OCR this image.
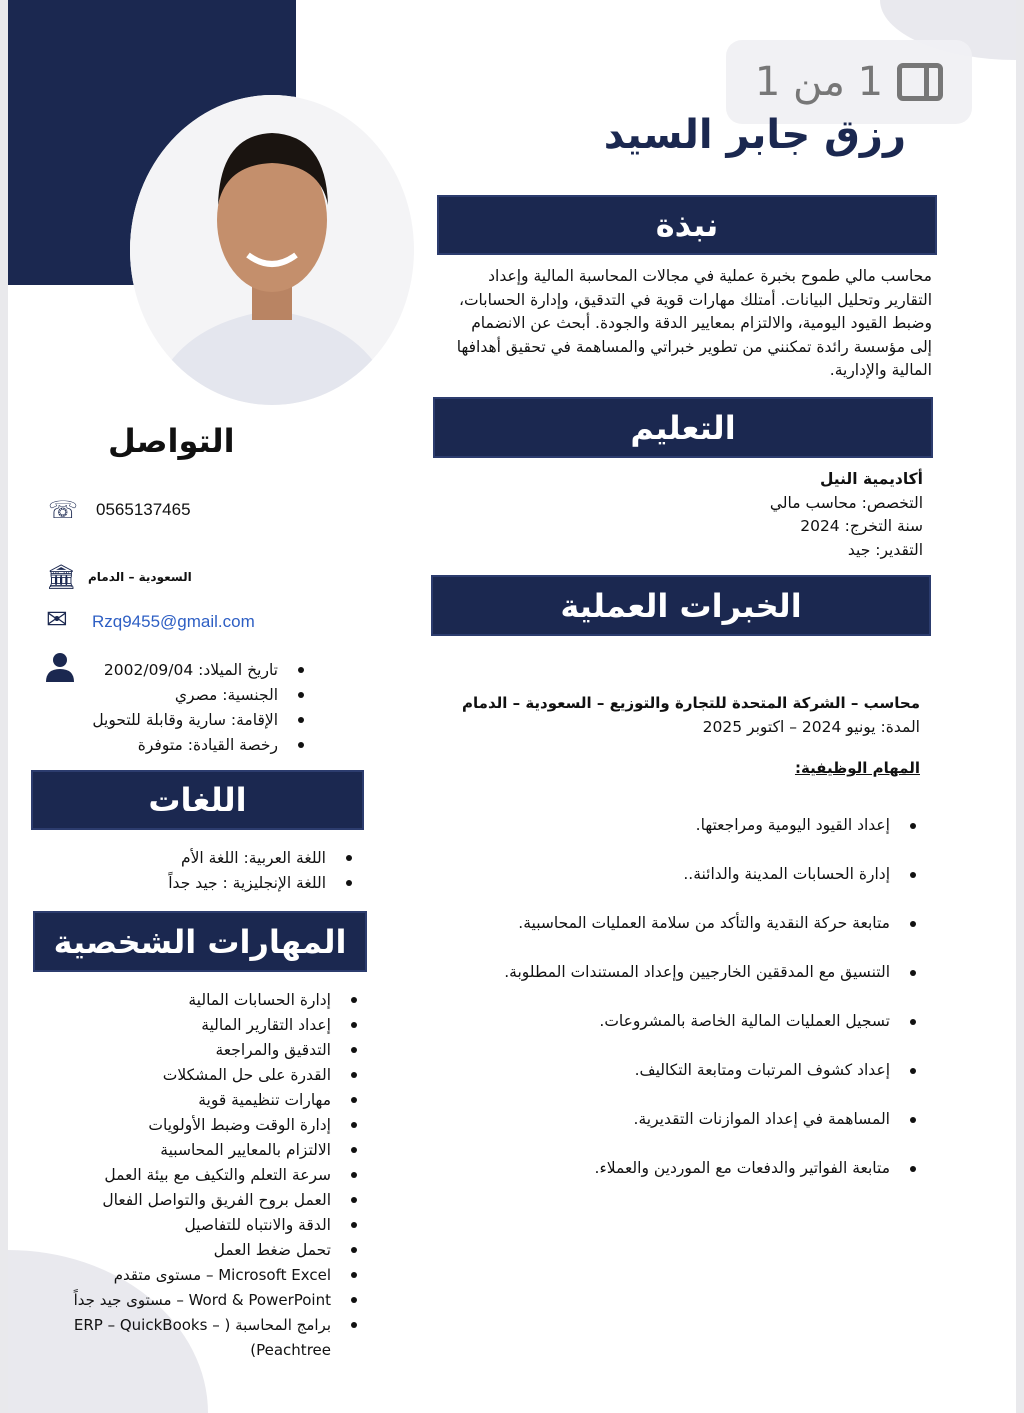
1 من 1
رزق جابر السيد
نبذة
محاسب مالي طموح بخبرة عملية في مجالات المحاسبة المالية وإعداد التقارير وتحليل البيانات. أمتلك مهارات قوية في التدقيق، وإدارة الحسابات، وضبط القيود اليومية، والالتزام بمعايير الدقة والجودة. أبحث عن الانضمام إلى مؤسسة رائدة تمكنني من تطوير خبراتي والمساهمة في تحقيق أهدافها المالية والإدارية.
التعليم
أكاديمية النيل
التخصص: محاسب مالي
سنة التخرج: 2024
التقدير: جيد
الخبرات العملية
محاسب – الشركة المتحدة للتجارة والتوزيع – السعودية – الدمام
المدة: يونيو 2024 – اكتوبر 2025
المهام الوظيفية:
إعداد القيود اليومية ومراجعتها.
إدارة الحسابات المدينة والدائنة..
متابعة حركة النقدية والتأكد من سلامة العمليات المحاسبية.
التنسيق مع المدققين الخارجيين وإعداد المستندات المطلوبة.
تسجيل العمليات المالية الخاصة بالمشروعات.
إعداد كشوف المرتبات ومتابعة التكاليف.
المساهمة في إعداد الموازنات التقديرية.
متابعة الفواتير والدفعات مع الموردين والعملاء.
التواصل
☏ 0565137465
🏛 السعودية – الدمام
✉ Rzq9455@gmail.com
تاريخ الميلاد: 2002/09/04
الجنسية: مصري
الإقامة: سارية وقابلة للتحويل
رخصة القيادة: متوفرة
اللغات
اللغة العربية: اللغة الأم
اللغة الإنجليزية : جيد جداً
المهارات الشخصية
إدارة الحسابات المالية
إعداد التقارير المالية
التدقيق والمراجعة
القدرة على حل المشكلات
مهارات تنظيمية قوية
إدارة الوقت وضبط الأولويات
الالتزام بالمعايير المحاسبية
سرعة التعلم والتكيف مع بيئة العمل
العمل بروح الفريق والتواصل الفعال
الدقة والانتباه للتفاصيل
تحمل ضغط العمل
Microsoft Excel – مستوى متقدم
Word & PowerPoint – مستوى جيد جداً
برامج المحاسبة ( ERP – QuickBooks – Peachtree)
